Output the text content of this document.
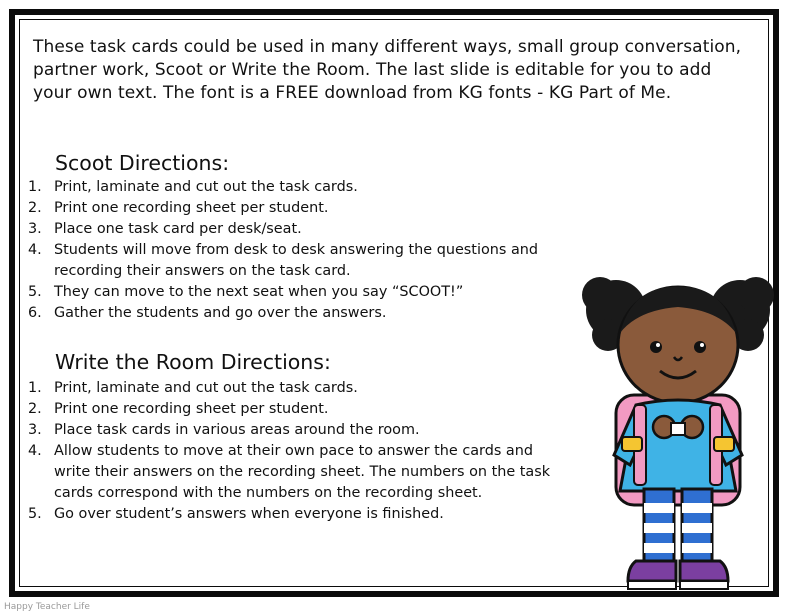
These task cards could be used in many different ways, small group conversation,
partner work, Scoot or Write the Room. The last slide is editable for you to add
your own text. The font is a FREE download from KG fonts - KG Part of Me.
Scoot Directions:
1. Print, laminate and cut out the task cards.
2. Print one recording sheet per student.
3. Place one task card per desk/seat.
4. Students will move from desk to desk answering the questions and
recording their answers on the task card.
5. They can move to the next seat when you say “SCOOT!”
6. Gather the students and go over the answers.
Write the Room Directions:
1. Print, laminate and cut out the task cards.
2. Print one recording sheet per student.
3. Place task cards in various areas around the room.
4. Allow students to move at their own pace to answer the cards and
write their answers on the recording sheet. The numbers on the task
cards correspond with the numbers on the recording sheet.
5. Go over student’s answers when everyone is finished.
Happy Teacher Life
